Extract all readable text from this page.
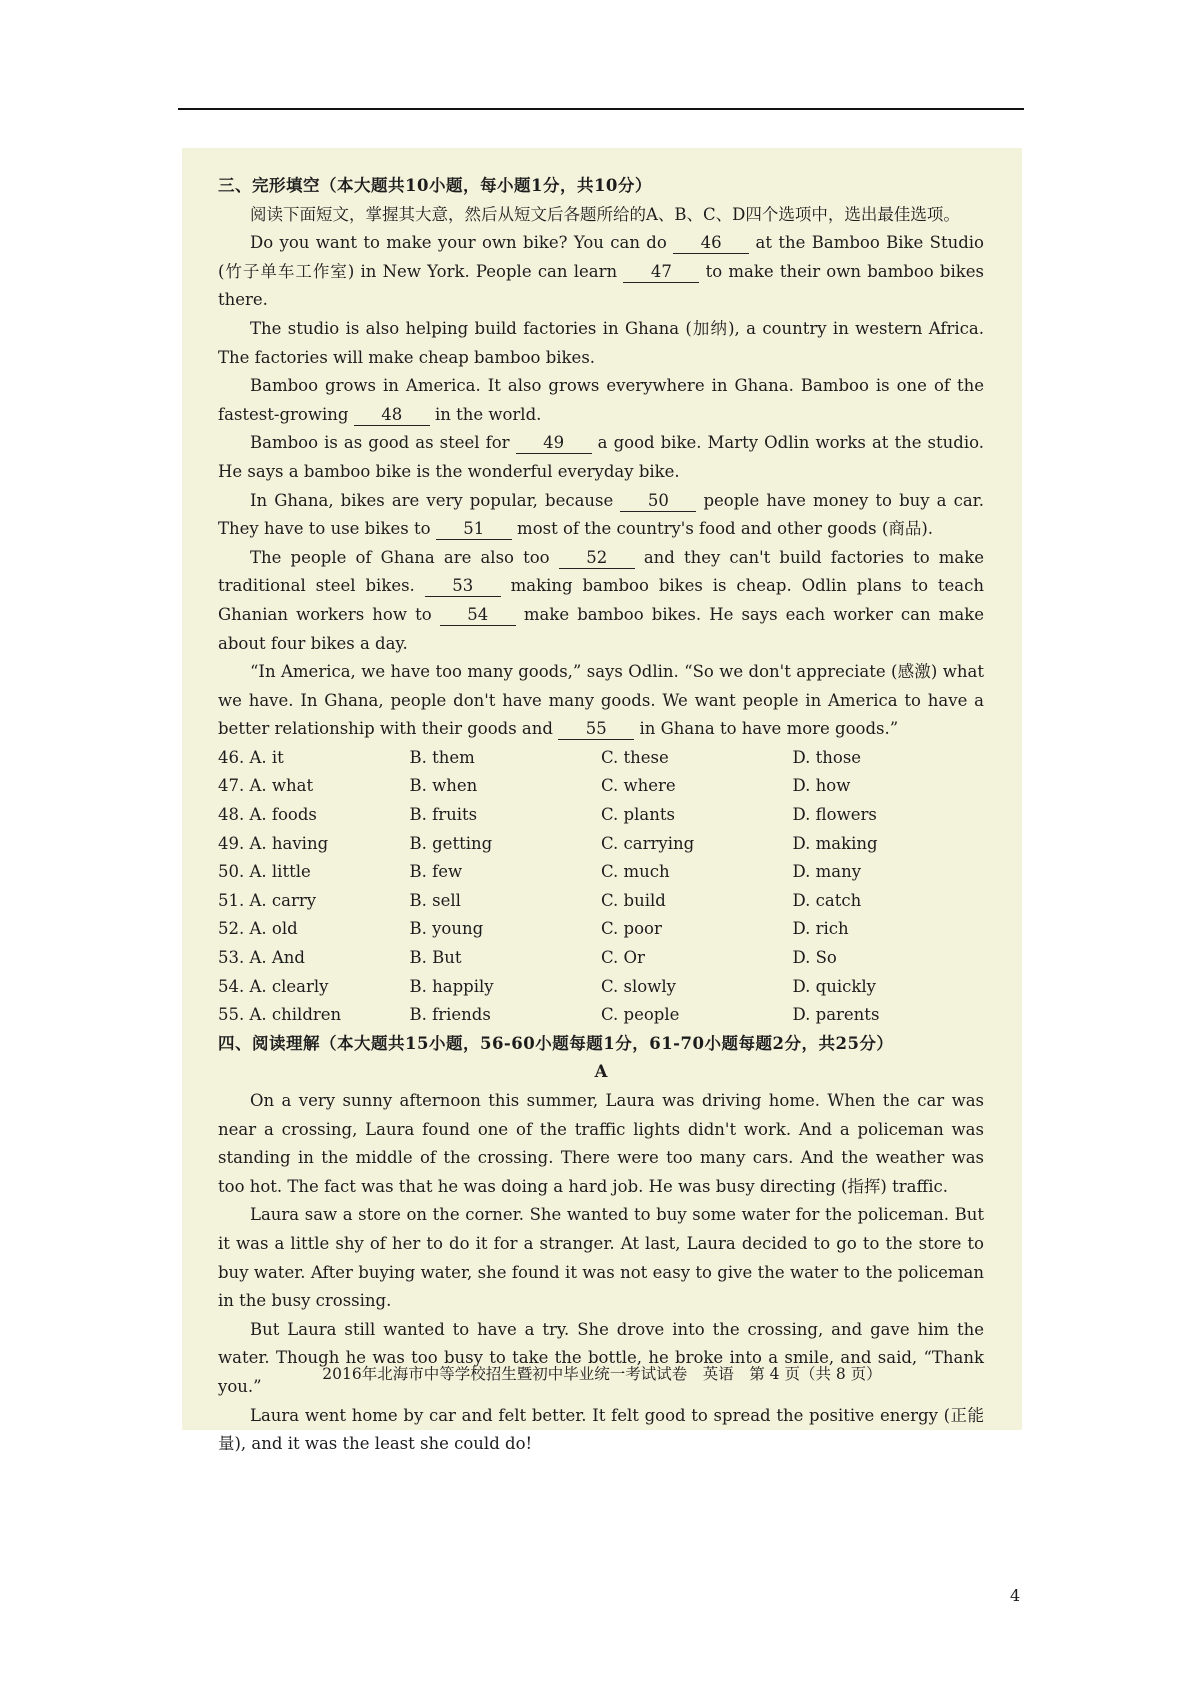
三、完形填空（本大题共10小题，每小题1分，共10分）
阅读下面短文，掌握其大意，然后从短文后各题所给的A、B、C、D四个选项中，选出最佳选项。
Do you want to make your own bike? You can do 46 at the Bamboo Bike Studio (竹子单车工作室) in New York. People can learn 47 to make their own bamboo bikes there.
The studio is also helping build factories in Ghana (加纳), a country in western Africa. The factories will make cheap bamboo bikes.
Bamboo grows in America. It also grows everywhere in Ghana. Bamboo is one of the fastest-growing 48 in the world.
Bamboo is as good as steel for 49 a good bike. Marty Odlin works at the studio. He says a bamboo bike is the wonderful everyday bike.
In Ghana, bikes are very popular, because 50 people have money to buy a car. They have to use bikes to 51 most of the country's food and other goods (商品).
The people of Ghana are also too 52 and they can't build factories to make traditional steel bikes. 53 making bamboo bikes is cheap. Odlin plans to teach Ghanian workers how to 54 make bamboo bikes. He says each worker can make about four bikes a day.
“In America, we have too many goods,” says Odlin. “So we don't appreciate (感激) what we have. In Ghana, people don't have many goods. We want people in America to have a better relationship with their goods and 55 in Ghana to have more goods.”
46. A. it	B. them	C. these	D. those
47. A. what	B. when	C. where	D. how
48. A. foods	B. fruits	C. plants	D. flowers
49. A. having	B. getting	C. carrying	D. making
50. A. little	B. few	C. much	D. many
51. A. carry	B. sell	C. build	D. catch
52. A. old	B. young	C. poor	D. rich
53. A. And	B. But	C. Or	D. So
54. A. clearly	B. happily	C. slowly	D. quickly
55. A. children	B. friends	C. people	D. parents
四、阅读理解（本大题共15小题，56-60小题每题1分，61-70小题每题2分，共25分）
A
On a very sunny afternoon this summer, Laura was driving home. When the car was near a crossing, Laura found one of the traffic lights didn't work. And a policeman was standing in the middle of the crossing. There were too many cars. And the weather was too hot. The fact was that he was doing a hard job. He was busy directing (指挥) traffic.
Laura saw a store on the corner. She wanted to buy some water for the policeman. But it was a little shy of her to do it for a stranger. At last, Laura decided to go to the store to buy water. After buying water, she found it was not easy to give the water to the policeman in the busy crossing.
But Laura still wanted to have a try. She drove into the crossing, and gave him the water. Though he was too busy to take the bottle, he broke into a smile, and said, “Thank you.”
Laura went home by car and felt better. It felt good to spread the positive energy (正能量), and it was the least she could do!
2016年北海市中等学校招生暨初中毕业统一考试试卷　英语　第 4 页（共 8 页）
4
